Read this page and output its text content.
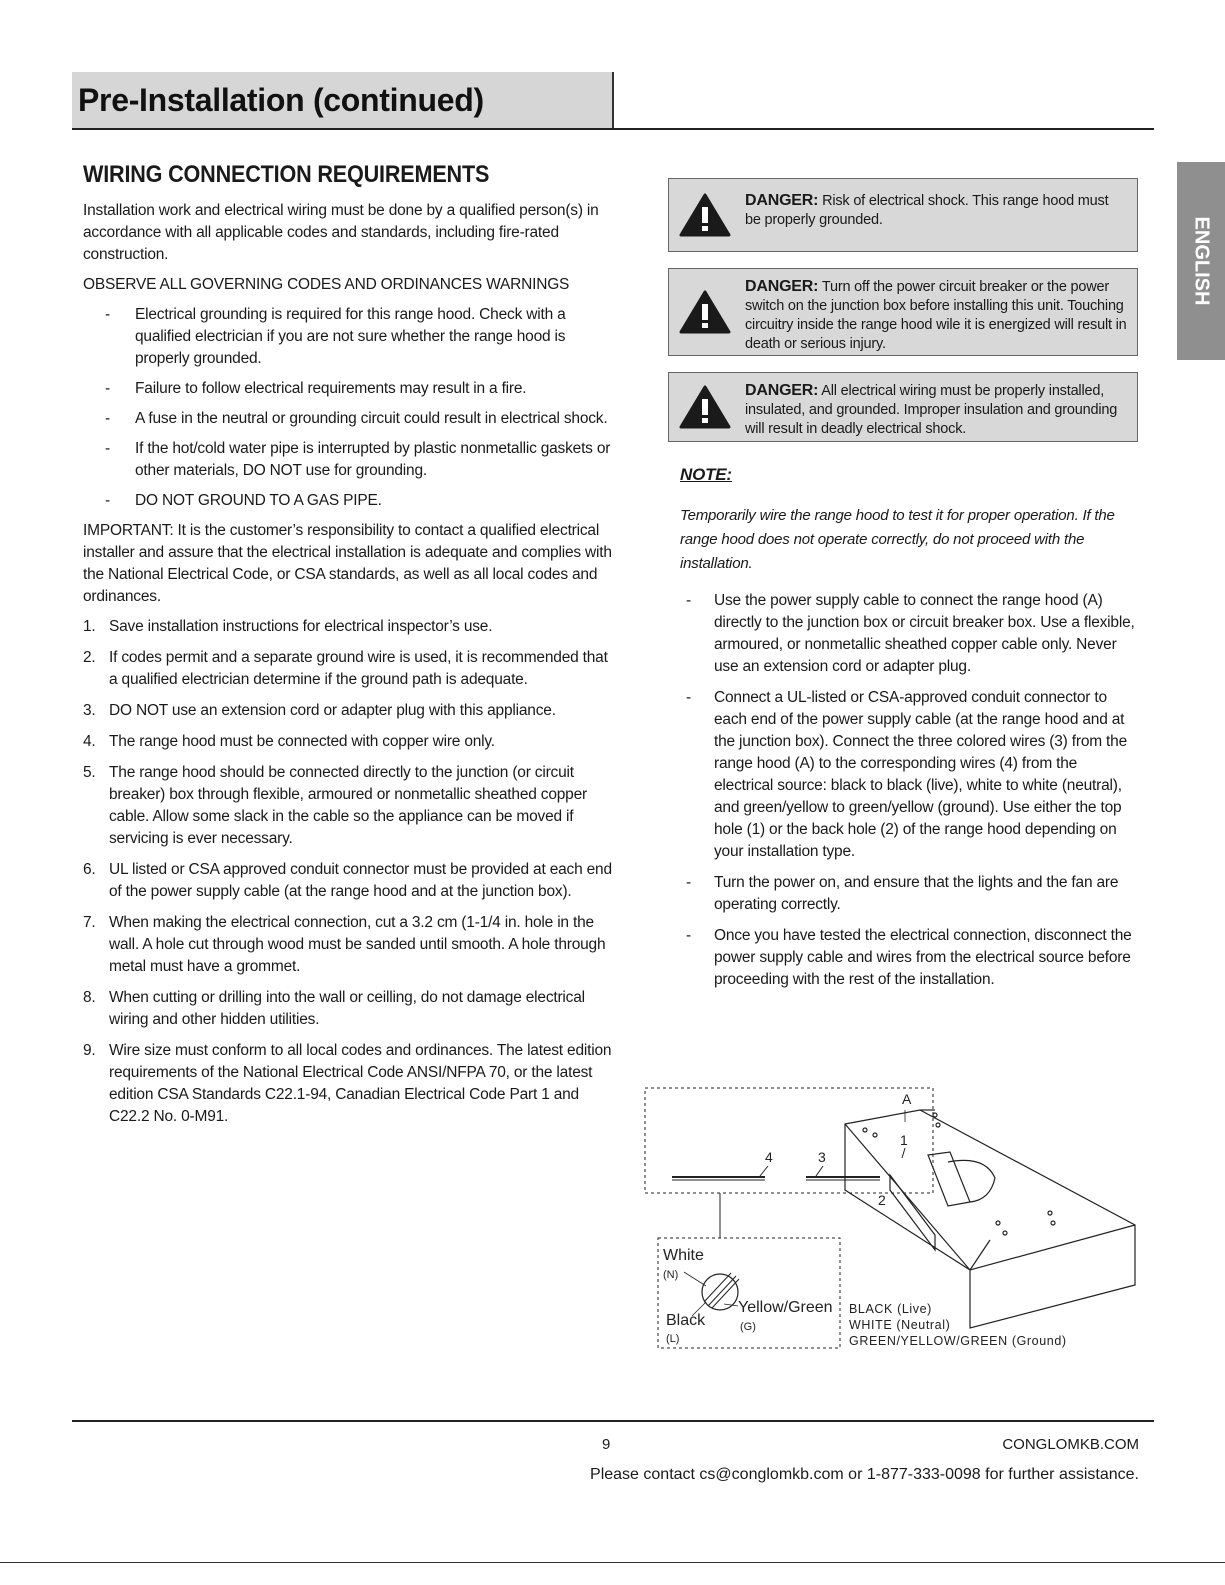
Pre-Installation (continued)
ENGLISH
WIRING CONNECTION REQUIREMENTS

Installation work and electrical wiring must be done by a qualified person(s) in accordance with all applicable codes and standards, including fire-rated construction.

OBSERVE ALL GOVERNING CODES AND ORDINANCES WARNINGS

- Electrical grounding is required for this range hood. Check with a qualified electrician if you are not sure whether the range hood is properly grounded.
- Failure to follow electrical requirements may result in a fire.
- A fuse in the neutral or grounding circuit could result in electrical shock.
- If the hot/cold water pipe is interrupted by plastic nonmetallic gaskets or other materials, DO NOT use for grounding.
- DO NOT GROUND TO A GAS PIPE.

IMPORTANT: It is the customer’s responsibility to contact a qualified electrical installer and assure that the electrical installation is adequate and complies with the National Electrical Code, or CSA standards, as well as all local codes and ordinances.

1. Save installation instructions for electrical inspector’s use.
2. If codes permit and a separate ground wire is used, it is recommended that a qualified electrician determine if the ground path is adequate.
3. DO NOT use an extension cord or adapter plug with this appliance.
4. The range hood must be connected with copper wire only.
5. The range hood should be connected directly to the junction (or circuit breaker) box through flexible, armoured or nonmetallic sheathed copper cable. Allow some slack in the cable so the appliance can be moved if servicing is ever necessary.
6. UL listed or CSA approved conduit connector must be provided at each end of the power supply cable (at the range hood and at the junction box).
7. When making the electrical connection, cut a 3.2 cm (1-1/4 in. hole in the wall. A hole cut through wood must be sanded until smooth. A hole through metal must have a grommet.
8. When cutting or drilling into the wall or ceilling, do not damage electrical wiring and other hidden utilities.
9. Wire size must conform to all local codes and ordinances. The latest edition requirements of the National Electrical Code ANSI/NFPA 70, or the latest edition CSA Standards C22.1-94, Canadian Electrical Code Part 1 and C22.2 No. 0-M91.
DANGER: Risk of electrical shock. This range hood must be properly grounded.
DANGER: Turn off the power circuit breaker or the power switch on the junction box before installing this unit. Touching circuitry inside the range hood wile it is energized will result in death or serious injury.
DANGER: All electrical wiring must be properly installed, insulated, and grounded. Improper insulation and grounding will result in deadly electrical shock.
NOTE:

Temporarily wire the range hood to test it for proper operation. If the range hood does not operate correctly, do not proceed with the installation.

- Use the power supply cable to connect the range hood (A) directly to the junction box or circuit breaker box. Use a flexible, armoured, or nonmetallic sheathed copper cable only. Never use an extension cord or adapter plug.
- Connect a UL-listed or CSA-approved conduit connector to each end of the power supply cable (at the range hood and at the junction box). Connect the three colored wires (3) from the range hood (A) to the corresponding wires (4) from the electrical source: black to black (live), white to white (neutral), and green/yellow to green/yellow (ground). Use either the top hole (1) or the back hole (2) of the range hood depending on your installation type.
- Turn the power on, and ensure that the lights and the fan are operating correctly.
- Once you have tested the electrical connection, disconnect the power supply cable and wires from the electrical source before proceeding with the rest of the installation.
A
1
2
3
4
White
(N)
Black
(L)
Yellow/Green
(G)
BLACK (Live)
WHITE (Neutral)
GREEN/YELLOW/GREEN (Ground)
9	CONGLOMKB.COM
Please contact cs@conglomkb.com or 1-877-333-0098 for further assistance.
